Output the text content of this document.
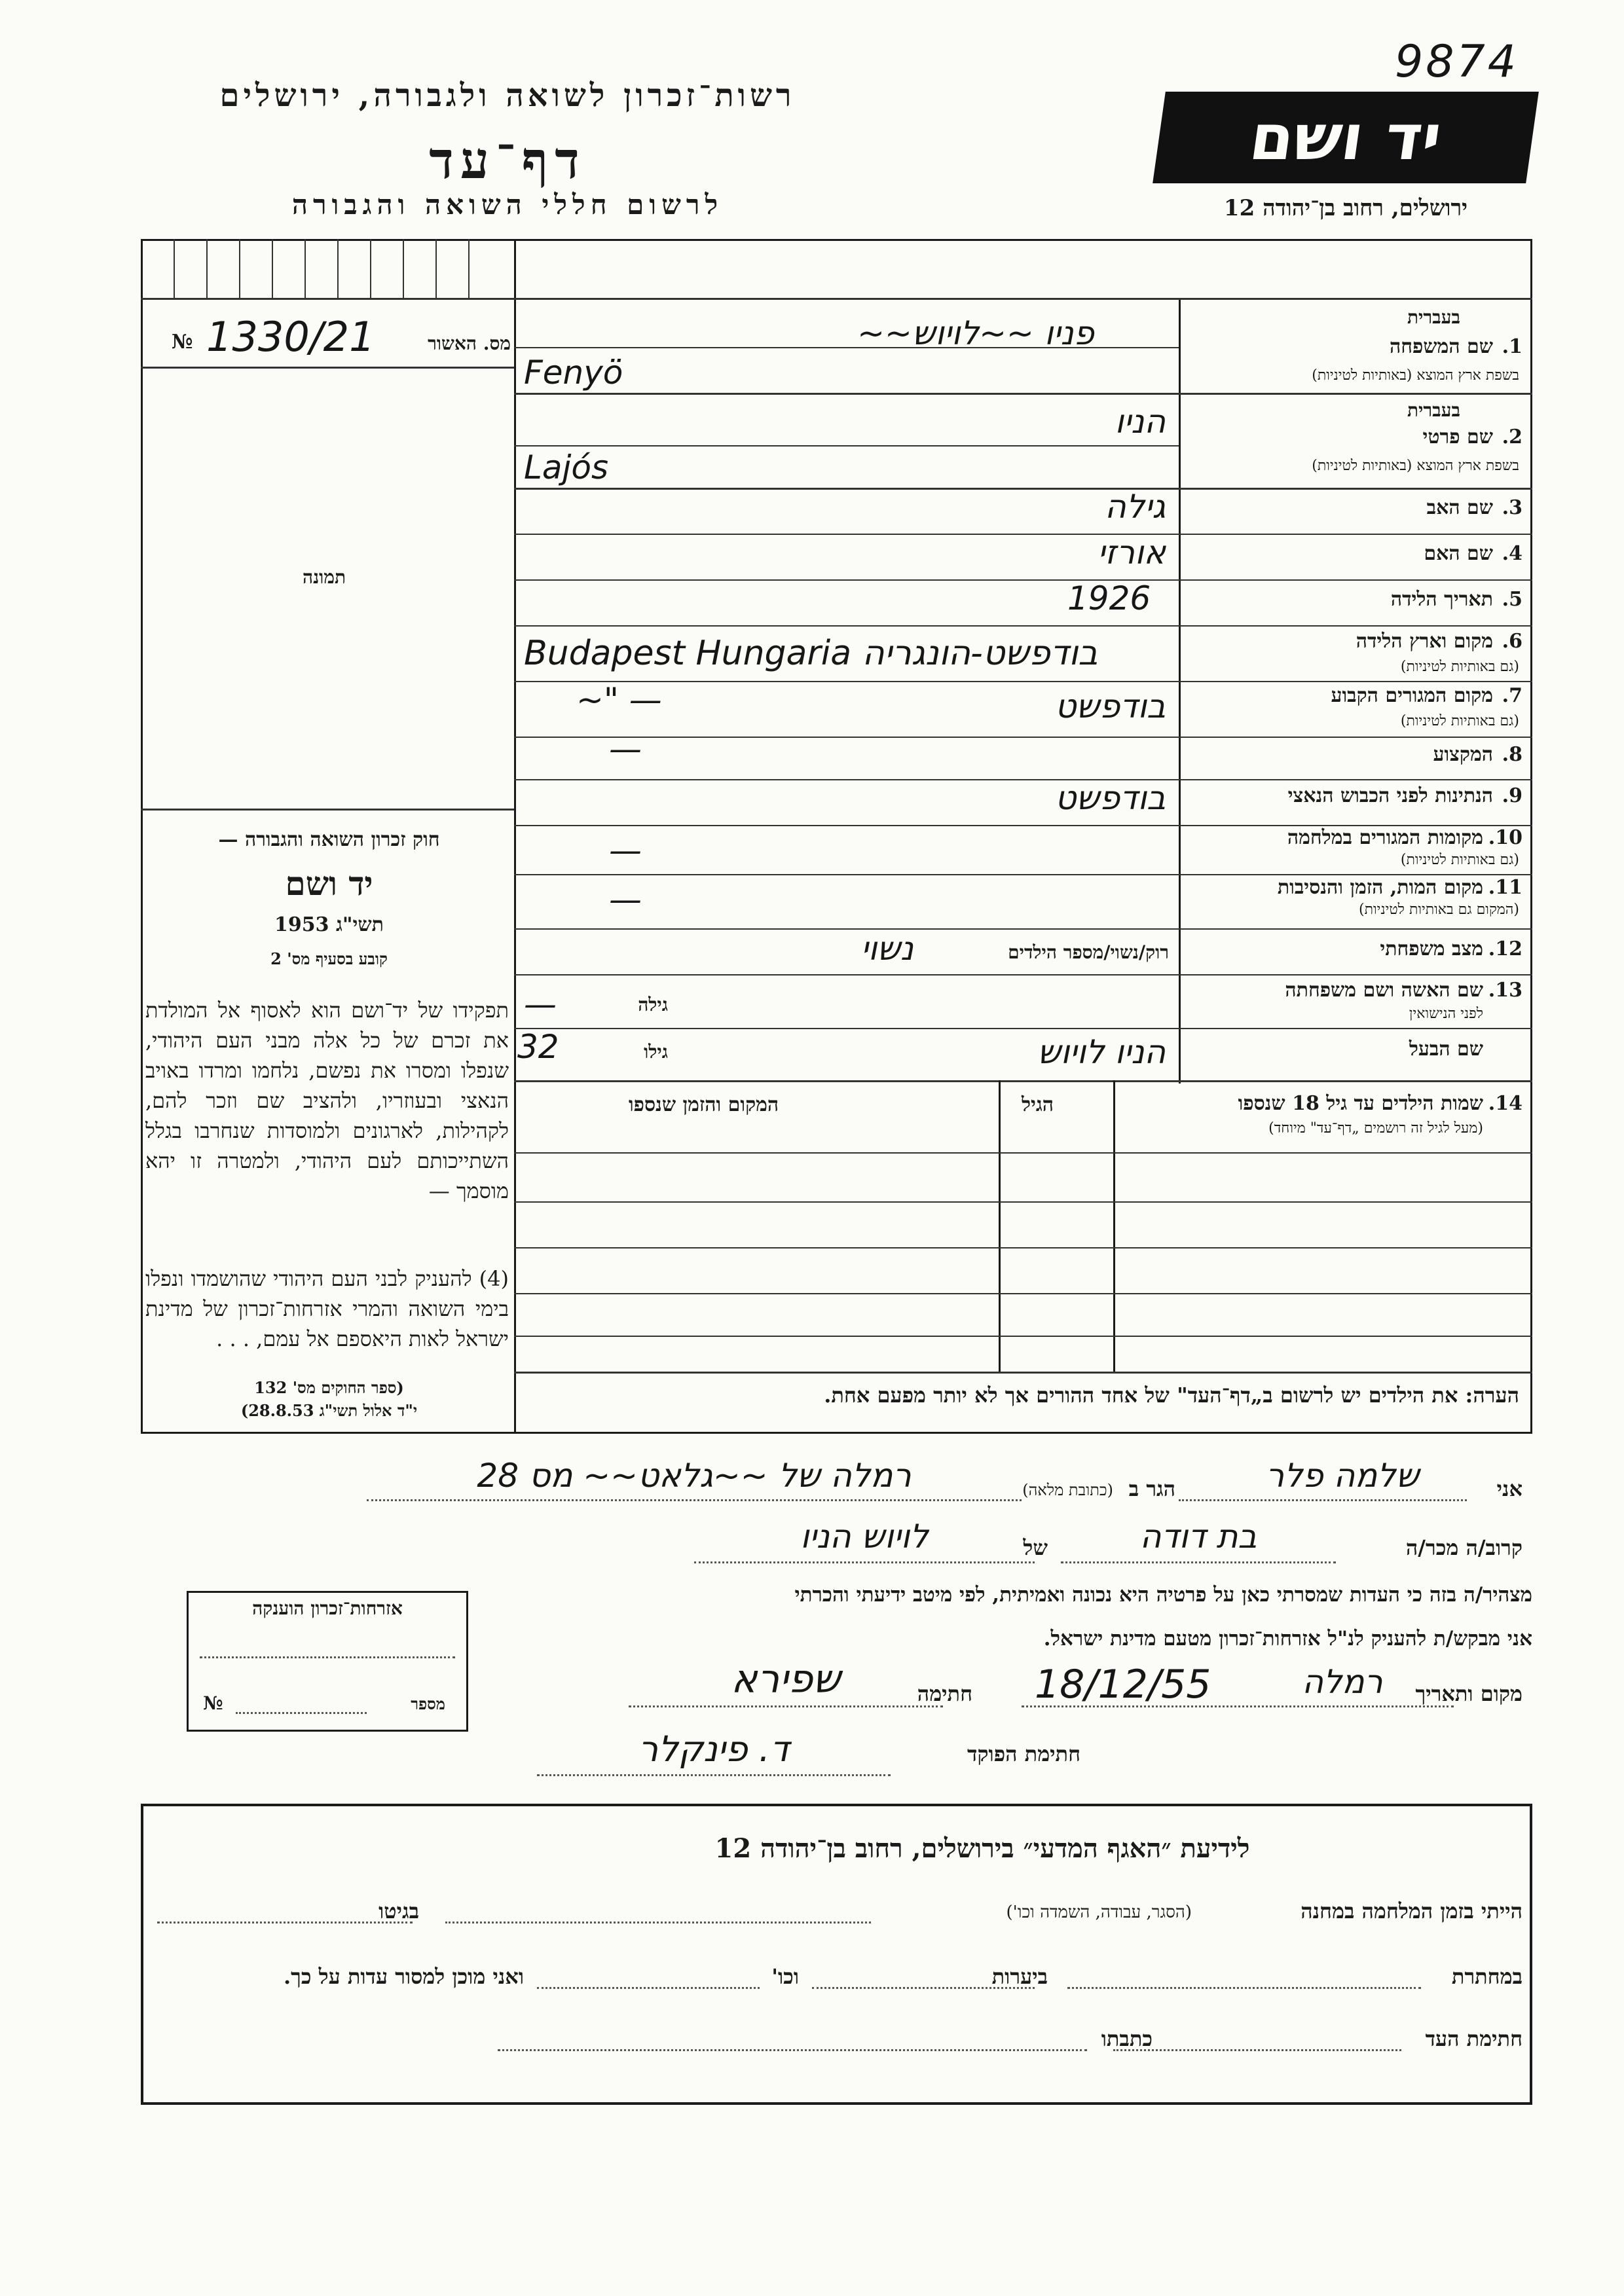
9874
רשות־זכרון לשואה ולגבורה, ירושלים
דף־עד
לרשום חללי השואה והגבורה
יד ושם
ירושלים, רחוב בן־יהודה 12
№ 1330/21	מס. האשור
תמונה
חוק זכרון השואה והגבורה —
יד ושם
תשי"ג 1953
קובע בסעיף מס' 2
תפקידו של יד־ושם הוא לאסוף אל המולדת את זכרם של כל אלה מבני העם היהודי, שנפלו ומסרו את נפשם, נלחמו ומרדו באויב הנאצי ובעוזריו, ולהציב שם וזכר להם, לקהילות, לארגונים ולמוסדות שנחרבו בגלל השתייכותם לעם היהודי, ולמטרה זו יהא מוסמך —
(4) להעניק לבני העם היהודי שהושמדו ונפלו בימי השואה והמרי אזרחות־זכרון של מדינת ישראל לאות היאספם אל עמם, . . .
(ספר החוקים מס' 132
י"ד אלול תשי"ג 28.8.53)
בעברית
1.
שם המשפחה
בשפת ארץ המוצא (באותיות לטיניות)
פניו ~~לויוש~~
Fenyö
בעברית
2.
שם פרטי
בשפת ארץ המוצא (באותיות לטיניות)
הניו
Lajós
3.
שם האב
גילה
4.
שם האם
אורזי
5.
תאריך הלידה
1926
6.
מקום וארץ הלידה
(גם באותיות לטיניות)
Budapest Hungaria בודפשט-הונגריה
7.
מקום המגורים הקבוע
(גם באותיות לטיניות)
~" —	בודפשט
8.
המקצוע
—
9.
הנתינות לפני הכבוש הנאצי
בודפשט
10.
מקומות המגורים במלחמה
(גם באותיות לטיניות)
—
11.
מקום המות, הזמן והנסיבות
(המקום גם באותיות לטיניות)
—
12.
מצב משפחתי
רוק/נשוי/מספר הילדים
נשוי
13.
שם האשה ושם משפחתה
לפני הנישואין
גילה
—
שם הבעל
גילו
32	הניו לויוש
14.
שמות הילדים עד גיל 18 שנספו
(מעל לגיל זה רושמים „דף־עד" מיוחד)
הגיל
המקום והזמן שנספו
הערה: את הילדים יש לרשום ב„דף־העד" של אחד ההורים אך לא יותר מפעם אחת.
אני
שלמה פלר
הגר ב
(כתובת מלאה)
רמלה של ~~גלאט~~ מס 28
קרוב/ה מכר/ה
בת דודה
של
לויוש הניו
מצהיר/ה בזה כי העדות שמסרתי כאן על פרטיה היא נכונה ואמיתית, לפי מיטב ידיעתי והכרתי
אני מבקש/ת להעניק לנ"ל אזרחות־זכרון מטעם מדינת ישראל.
מקום ותאריך
רמלה
18/12/55
חתימה
שפירא
חתימת הפוקד
ד. פינקלר
אזרחות־זכרון הוענקה
№	מספר
לידיעת ״האגף המדעי״ בירושלים, רחוב בן־יהודה 12
הייתי בזמן המלחמה במחנה
(הסגר, עבודה, השמדה וכו')
בגיטו
במחתרת
ביערות
וכו'
ואני מוכן למסור עדות על כך.
חתימת העד
כתבתו
